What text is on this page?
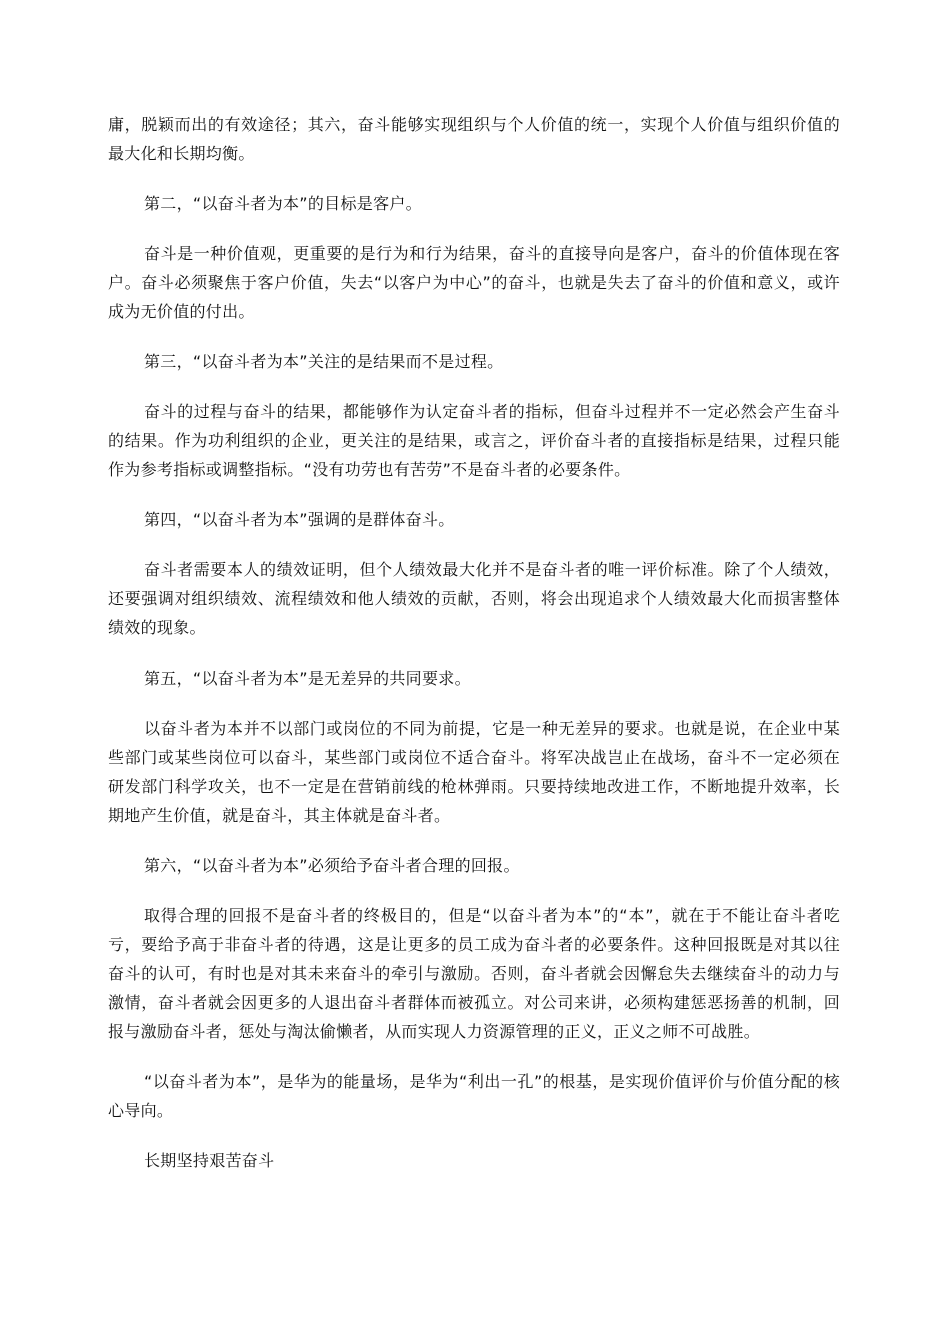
庸，脱颖而出的有效途径；其六，奋斗能够实现组织与个人价值的统一，实现个人价值与组织价值的最大化和长期均衡。

第二，“以奋斗者为本”的目标是客户。

奋斗是一种价值观，更重要的是行为和行为结果，奋斗的直接导向是客户，奋斗的价值体现在客户。奋斗必须聚焦于客户价值，失去“以客户为中心”的奋斗，也就是失去了奋斗的价值和意义，或许成为无价值的付出。

第三，“以奋斗者为本”关注的是结果而不是过程。

奋斗的过程与奋斗的结果，都能够作为认定奋斗者的指标，但奋斗过程并不一定必然会产生奋斗的结果。作为功利组织的企业，更关注的是结果，或言之，评价奋斗者的直接指标是结果，过程只能作为参考指标或调整指标。“没有功劳也有苦劳”不是奋斗者的必要条件。

第四，“以奋斗者为本”强调的是群体奋斗。

奋斗者需要本人的绩效证明，但个人绩效最大化并不是奋斗者的唯一评价标准。除了个人绩效，还要强调对组织绩效、流程绩效和他人绩效的贡献，否则，将会出现追求个人绩效最大化而损害整体绩效的现象。

第五，“以奋斗者为本”是无差异的共同要求。

以奋斗者为本并不以部门或岗位的不同为前提，它是一种无差异的要求。也就是说，在企业中某些部门或某些岗位可以奋斗，某些部门或岗位不适合奋斗。将军决战岂止在战场，奋斗不一定必须在研发部门科学攻关，也不一定是在营销前线的枪林弹雨。只要持续地改进工作，不断地提升效率，长期地产生价值，就是奋斗，其主体就是奋斗者。

第六，“以奋斗者为本”必须给予奋斗者合理的回报。

取得合理的回报不是奋斗者的终极目的，但是“以奋斗者为本”的“本”，就在于不能让奋斗者吃亏，要给予高于非奋斗者的待遇，这是让更多的员工成为奋斗者的必要条件。这种回报既是对其以往奋斗的认可，有时也是对其未来奋斗的牵引与激励。否则，奋斗者就会因懈怠失去继续奋斗的动力与激情，奋斗者就会因更多的人退出奋斗者群体而被孤立。对公司来讲，必须构建惩恶扬善的机制，回报与激励奋斗者，惩处与淘汰偷懒者，从而实现人力资源管理的正义，正义之师不可战胜。

“以奋斗者为本”，是华为的能量场，是华为“利出一孔”的根基，是实现价值评价与价值分配的核心导向。

长期坚持艰苦奋斗
